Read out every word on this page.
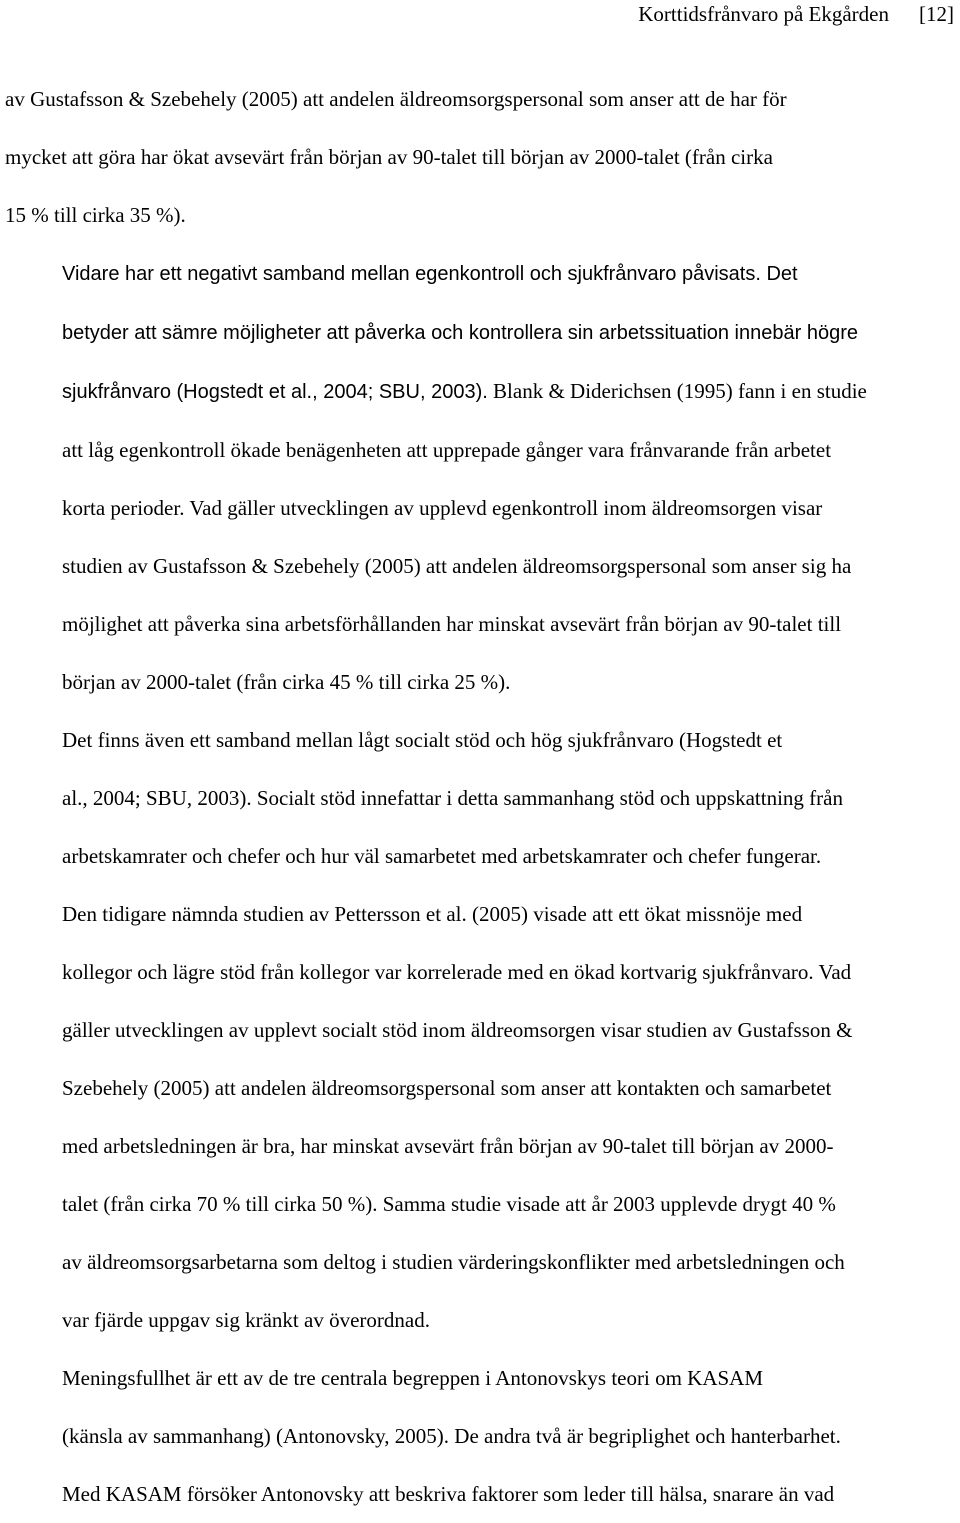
Korttidsfrånvaro på Ekgården [12]

av Gustafsson & Szebehely (2005) att andelen äldreomsorgspersonal som anser att de har för
mycket att göra har ökat avsevärt från början av 90-talet till början av 2000-talet (från cirka
15 % till cirka 35 %).

Vidare har ett negativt samband mellan egenkontroll och sjukfrånvaro påvisats. Det
betyder att sämre möjligheter att påverka och kontrollera sin arbetssituation innebär högre
sjukfrånvaro (Hogstedt et al., 2004; SBU, 2003). Blank & Diderichsen (1995) fann i en studie
att låg egenkontroll ökade benägenheten att upprepade gånger vara frånvarande från arbetet
korta perioder. Vad gäller utvecklingen av upplevd egenkontroll inom äldreomsorgen visar
studien av Gustafsson & Szebehely (2005) att andelen äldreomsorgspersonal som anser sig ha
möjlighet att påverka sina arbetsförhållanden har minskat avsevärt från början av 90-talet till
början av 2000-talet (från cirka 45 % till cirka 25 %).

Det finns även ett samband mellan lågt socialt stöd och hög sjukfrånvaro (Hogstedt et
al., 2004; SBU, 2003). Socialt stöd innefattar i detta sammanhang stöd och uppskattning från
arbetskamrater och chefer och hur väl samarbetet med arbetskamrater och chefer fungerar.
Den tidigare nämnda studien av Pettersson et al. (2005) visade att ett ökat missnöje med
kollegor och lägre stöd från kollegor var korrelerade med en ökad kortvarig sjukfrånvaro. Vad
gäller utvecklingen av upplevt socialt stöd inom äldreomsorgen visar studien av Gustafsson &
Szebehely (2005) att andelen äldreomsorgspersonal som anser att kontakten och samarbetet
med arbetsledningen är bra, har minskat avsevärt från början av 90-talet till början av 2000-
talet (från cirka 70 % till cirka 50 %). Samma studie visade att år 2003 upplevde drygt 40 %
av äldreomsorgsarbetarna som deltog i studien värderingskonflikter med arbetsledningen och
var fjärde uppgav sig kränkt av överordnad.

Meningsfullhet är ett av de tre centrala begreppen i Antonovskys teori om KASAM
(känsla av sammanhang) (Antonovsky, 2005). De andra två är begriplighet och hanterbarhet.
Med KASAM försöker Antonovsky att beskriva faktorer som leder till hälsa, snarare än vad
